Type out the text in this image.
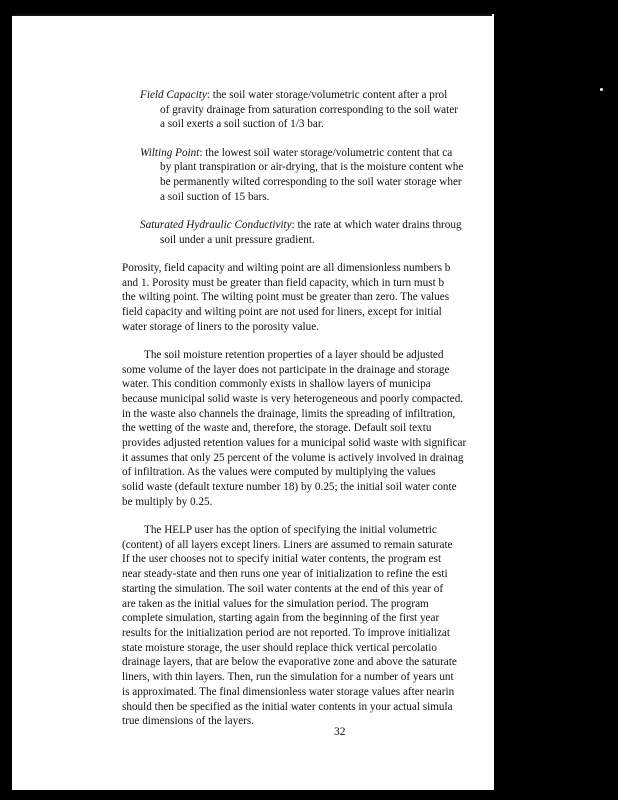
Field Capacity: the soil water storage/volumetric content after a prol
of gravity drainage from saturation corresponding to the soil water
a soil exerts a soil suction of 1/3 bar.
Wilting Point: the lowest soil water storage/volumetric content that ca
by plant transpiration or air-drying, that is the moisture content whe
be permanently wilted corresponding to the soil water storage wher
a soil suction of 15 bars.
Saturated Hydraulic Conductivity: the rate at which water drains throug
soil under a unit pressure gradient.
Porosity, field capacity and wilting point are all dimensionless numbers b
and 1. Porosity must be greater than field capacity, which in turn must b
the wilting point. The wilting point must be greater than zero. The values
field capacity and wilting point are not used for liners, except for initial
water storage of liners to the porosity value.
The soil moisture retention properties of a layer should be adjusted
some volume of the layer does not participate in the drainage and storage
water. This condition commonly exists in shallow layers of municipa
because municipal solid waste is very heterogeneous and poorly compacted.
in the waste also channels the drainage, limits the spreading of infiltration,
the wetting of the waste and, therefore, the storage. Default soil textu
provides adjusted retention values for a municipal solid waste with significar
it assumes that only 25 percent of the volume is actively involved in drainag
of infiltration. As the values were computed by multiplying the values
solid waste (default texture number 18) by 0.25; the initial soil water conte
be multiply by 0.25.
The HELP user has the option of specifying the initial volumetric
(content) of all layers except liners. Liners are assumed to remain saturate
If the user chooses not to specify initial water contents, the program est
near steady-state and then runs one year of initialization to refine the esti
starting the simulation. The soil water contents at the end of this year of
are taken as the initial values for the simulation period. The program
complete simulation, starting again from the beginning of the first year
results for the initialization period are not reported. To improve initializat
state moisture storage, the user should replace thick vertical percolatio
drainage layers, that are below the evaporative zone and above the saturate
liners, with thin layers. Then, run the simulation for a number of years unt
is approximated. The final dimensionless water storage values after nearin
should then be specified as the initial water contents in your actual simula
true dimensions of the layers.
32
